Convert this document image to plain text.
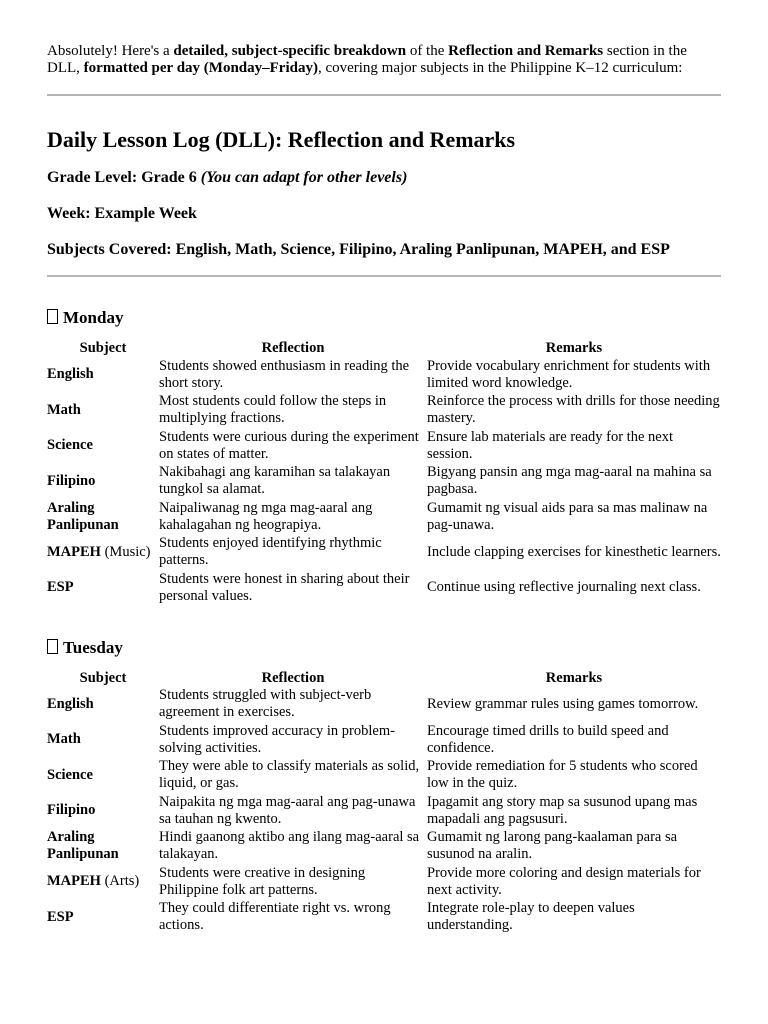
Absolutely! Here's a detailed, subject-specific breakdown of the Reflection and Remarks section in the DLL, formatted per day (Monday–Friday), covering major subjects in the Philippine K–12 curriculum:

Daily Lesson Log (DLL): Reflection and Remarks

Grade Level: Grade 6 (You can adapt for other levels)

Week: Example Week

Subjects Covered: English, Math, Science, Filipino, Araling Panlipunan, MAPEH, and ESP

Monday
Subject	Reflection	Remarks
English	Students showed enthusiasm in reading the short story.	Provide vocabulary enrichment for students with limited word knowledge.
Math	Most students could follow the steps in multiplying fractions.	Reinforce the process with drills for those needing mastery.
Science	Students were curious during the experiment on states of matter.	Ensure lab materials are ready for the next session.
Filipino	Nakibahagi ang karamihan sa talakayan tungkol sa alamat.	Bigyang pansin ang mga mag-aaral na mahina sa pagbasa.
Araling Panlipunan	Naipaliwanag ng mga mag-aaral ang kahalagahan ng heograpiya.	Gumamit ng visual aids para sa mas malinaw na pag-unawa.
MAPEH (Music)	Students enjoyed identifying rhythmic patterns.	Include clapping exercises for kinesthetic learners.
ESP	Students were honest in sharing about their personal values.	Continue using reflective journaling next class.
Tuesday
Subject	Reflection	Remarks
English	Students struggled with subject-verb agreement in exercises.	Review grammar rules using games tomorrow.
Math	Students improved accuracy in problem-solving activities.	Encourage timed drills to build speed and confidence.
Science	They were able to classify materials as solid, liquid, or gas.	Provide remediation for 5 students who scored low in the quiz.
Filipino	Naipakita ng mga mag-aaral ang pag-unawa sa tauhan ng kwento.	Ipagamit ang story map sa susunod upang mas mapadali ang pagsusuri.
Araling Panlipunan	Hindi gaanong aktibo ang ilang mag-aaral sa talakayan.	Gumamit ng larong pang-kaalaman para sa susunod na aralin.
MAPEH (Arts)	Students were creative in designing Philippine folk art patterns.	Provide more coloring and design materials for next activity.
ESP	They could differentiate right vs. wrong actions.	Integrate role-play to deepen values understanding.
